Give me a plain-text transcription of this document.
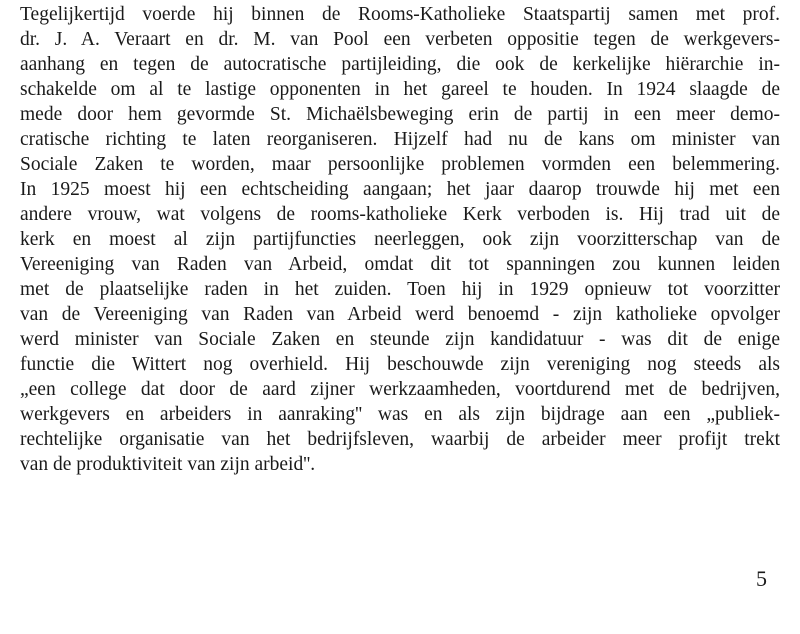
Tegelijkertijd voerde hij binnen de Rooms-Katholieke Staatspartij samen met prof.
dr. J. A. Veraart en dr. M. van Pool een verbeten oppositie tegen de werkgevers-
aanhang en tegen de autocratische partijleiding, die ook de kerkelijke hiërarchie in-
schakelde om al te lastige opponenten in het gareel te houden. In 1924 slaagde de
mede door hem gevormde St. Michaëlsbeweging erin de partij in een meer demo-
cratische richting te laten reorganiseren. Hijzelf had nu de kans om minister van
Sociale Zaken te worden, maar persoonlijke problemen vormden een belemmering.
In 1925 moest hij een echtscheiding aangaan; het jaar daarop trouwde hij met een
andere vrouw, wat volgens de rooms-katholieke Kerk verboden is. Hij trad uit de
kerk en moest al zijn partijfuncties neerleggen, ook zijn voorzitterschap van de
Vereeniging van Raden van Arbeid, omdat dit tot spanningen zou kunnen leiden
met de plaatselijke raden in het zuiden. Toen hij in 1929 opnieuw tot voorzitter
van de Vereeniging van Raden van Arbeid werd benoemd - zijn katholieke opvolger
werd minister van Sociale Zaken en steunde zijn kandidatuur - was dit de enige
functie die Wittert nog overhield. Hij beschouwde zijn vereniging nog steeds als
„een college dat door de aard zijner werkzaamheden, voortdurend met de bedrijven,
werkgevers en arbeiders in aanraking'' was en als zijn bijdrage aan een „publiek-
rechtelijke organisatie van het bedrijfsleven, waarbij de arbeider meer profijt trekt
van de produktiviteit van zijn arbeid''.
5
